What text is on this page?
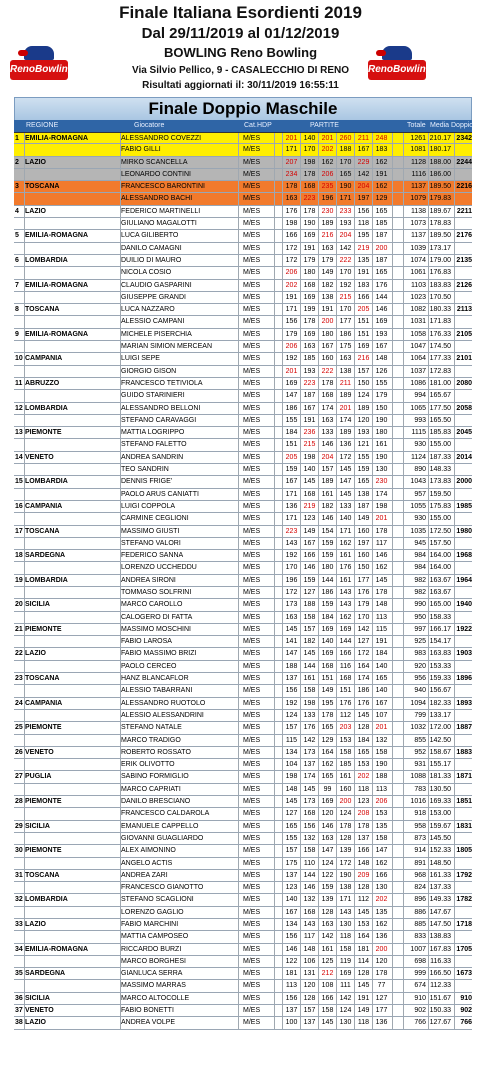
Finale Italiana Esordienti 2019
Dal 29/11/2019 al 01/12/2019
BOWLING Reno Bowling
Via Silvio Pellico, 9 - CASALECCHIO DI RENO
Risultati aggiornati il: 30/11/2019 16:55:11
RenoBowling	RenoBowling
Finale Doppio Maschile
REGIONE	Giocatore	Cat. HDP	PARTITE	Totale Media Doppio
1 EMILIA-ROMAGNA	ALESSANDRO COVEZZI	M/ES	201 140 201 260 211 248	1261 210.17 2342
FABIO GILLI	M/ES	171 170 202 188 167 183	1081 180.17
2 LAZIO	MIRKO SCANCELLA	M/ES	207 198 162 170 229 162	1128 188.00 2244
LEONARDO CONTINI	M/ES	234 178 206 165 142 191	1116 186.00
3 TOSCANA	FRANCESCO BARONTINI	M/ES	178 168 235 190 204 162	1137 189.50 2216
ALESSANDRO BACHI	M/ES	163 223 196 171 197 129	1079 179.83
4 LAZIO	FEDERICO MARTINELLI	M/ES	176 178 230 233 156 165	1138 189.67 2211
GIULIANO MAGALOTTI	M/ES	198 190 189 193 118 185	1073 178.83
5 EMILIA-ROMAGNA	LUCA GILIBERTO	M/ES	166 169 216 204 195 187	1137 189.50 2176
DANILO CAMAGNI	M/ES	172 191 163 142 219 200	1039 173.17
6 LOMBARDIA	DUILIO DI MAURO	M/ES	172 179 179 222 135 187	1074 179.00 2135
NICOLA COSIO	M/ES	206 180 149 170 191 165	1061 176.83
7 EMILIA-ROMAGNA	CLAUDIO GASPARINI	M/ES	202 168 182 192 183 176	1103 183.83 2126
GIUSEPPE GRANDI	M/ES	191 169 138 215 166 144	1023 170.50
8 TOSCANA	LUCA NAZZARO	M/ES	171 199 191 170 205 146	1082 180.33 2113
ALESSIO CAMPANI	M/ES	156 178 200 177 151 169	1031 171.83
9 EMILIA-ROMAGNA	MICHELE PISERCHIA	M/ES	179 169 180 186 151 193	1058 176.33 2105
MARIAN SIMION MERCEAN	M/ES	206 163 167 175 169 167	1047 174.50
10 CAMPANIA	LUIGI SEPE	M/ES	192 185 160 163 216 148	1064 177.33 2101
GIORGIO GISON	M/ES	201 193 222 138 157 126	1037 172.83
11 ABRUZZO	FRANCESCO TETIVIOLA	M/ES	169 223 178 211 150 155	1086 181.00 2080
GUIDO STARINIERI	M/ES	147 187 168 189 124 179	994 165.67
12 LOMBARDIA	ALESSANDRO BELLONI	M/ES	186 167 174 201 189 150	1065 177.50 2058
STEFANO CARAVAGGI	M/ES	155 191 163 174 120 190	993 165.50
13 PIEMONTE	MATTIA LOGRIPPO	M/ES	184 236 133 189 193 180	1115 185.83 2045
STEFANO FALETTO	M/ES	151 215 146 136 121 161	930 155.00
14 VENETO	ANDREA SANDRIN	M/ES	205 198 204 172 155 190	1124 187.33 2014
TEO SANDRIN	M/ES	159 140 157 145 159 130	890 148.33
15 LOMBARDIA	DENNIS FRIGE'	M/ES	167 145 189 147 165 230	1043 173.83 2000
PAOLO ARUS CANIATTI	M/ES	171 168 161 145 138 174	957 159.50
16 CAMPANIA	LUIGI COPPOLA	M/ES	136 219 182 133 187 198	1055 175.83 1985
CARMINE CEGLIONI	M/ES	171 123 146 140 149 201	930 155.00
17 TOSCANA	MASSIMO GIUSTI	M/ES	223 149 154 171 160 178	1035 172.50 1980
STEFANO VALORI	M/ES	143 167 159 162 197 117	945 157.50
18 SARDEGNA	FEDERICO SANNA	M/ES	192 166 159 161 160 146	984 164.00 1968
LORENZO UCCHEDDU	M/ES	170 146 180 176 150 162	984 164.00
19 LOMBARDIA	ANDREA SIRONI	M/ES	196 159 144 161 177 145	982 163.67 1964
TOMMASO SOLFRINI	M/ES	172 127 186 143 176 178	982 163.67
20 SICILIA	MARCO CAROLLO	M/ES	173 188 159 143 179 148	990 165.00 1940
CALOGERO DI FATTA	M/ES	163 158 184 162 170 113	950 158.33
21 PIEMONTE	MASSIMO MOSCHINI	M/ES	145 157 169 169 142 115	997 166.17 1922
FABIO LAROSA	M/ES	141 182 140 144 127 191	925 154.17
22 LAZIO	FABIO MASSIMO BRIZI	M/ES	147 145 169 166 172 184	983 163.83 1903
PAOLO CERCEO	M/ES	188 144 168 116 164 140	920 153.33
23 TOSCANA	HANZ BLANCAFLOR	M/ES	137 161 151 168 174 165	956 159.33 1896
ALESSIO TABARRANI	M/ES	156 158 149 151 186 140	940 156.67
24 CAMPANIA	ALESSANDRO RUOTOLO	M/ES	192 198 195 176 176 167	1094 182.33 1893
ALESSIO ALESSANDRINI	M/ES	124 133 178 112 145 107	799 133.17
25 PIEMONTE	STEFANO NATALE	M/ES	157 176 165 203 128 201	1032 172.00 1887
MARCO TRADIGO	M/ES	115 142 129 153 184 132	855 142.50
26 VENETO	ROBERTO ROSSATO	M/ES	134 173 164 158 165 158	952 158.67 1883
ERIK OLIVOTTO	M/ES	104 137 162 185 153 190	931 155.17
27 PUGLIA	SABINO FORMIGLIO	M/ES	198 174 165 161 202 188	1088 181.33 1871
MARCO CAPRIATI	M/ES	148 145	99	160 118 113	783 130.50
28 PIEMONTE	DANILO BRESCIANO	M/ES	145 173 169 200 123 206	1016 169.33 1851
FRANCESCO CALDAROLA	M/ES	127 168 120 124 208 153	918 153.00
29 SICILIA	EMANUELE CAPPELLO	M/ES	165 156 146 178 178 135	958 159.67 1831
GIOVANNI GUAGLIARDO	M/ES	155 132 163 128 137 158	873 145.50
30 PIEMONTE	ALEX AIMONINO	M/ES	157 158 147 139 166 147	914 152.33 1805
ANGELO ACTIS	M/ES	175 110 124 172 148 162	891 148.50
31 TOSCANA	ANDREA ZARI	M/ES	137 144 122 190 209 166	968 161.33 1792
FRANCESCO GIANOTTO	M/ES	123 146 159 138 128 130	824 137.33
32 LOMBARDIA	STEFANO SCAGLIONI	M/ES	140 132 139 171 112 202	896 149.33 1782
LORENZO GAGLIO	M/ES	167 168 128 143 145 135	886 147.67
33 LAZIO	FABIO MARCHINI	M/ES	134 143 163 130 153 162	885 147.50 1718
MATTIA CAMPOSEO	M/ES	156 117 142 118 164 136	833 138.83
34 EMILIA-ROMAGNA	RICCARDO BURZI	M/ES	146 148 161 158 181 200	1007 167.83 1705
MARCO BORGHESI	M/ES	122 106 125 119 114 120	698 116.33
35 SARDEGNA	GIANLUCA SERRA	M/ES	181 131 212 169 128 178	999 166.50 1673
MASSIMO MARRAS	M/ES	113 120 108 111 145	77	674 112.33
36 SICILIA	MARCO ALTOCOLLE	M/ES	156 128 166 142 191 127	910 151.67	910
37 VENETO	FABIO BONETTI	M/ES	137 157 158 124 149 177	902 150.33	902
38 LAZIO	ANDREA VOLPE	M/ES	100 137 145 130 118 136	766 127.67	766
